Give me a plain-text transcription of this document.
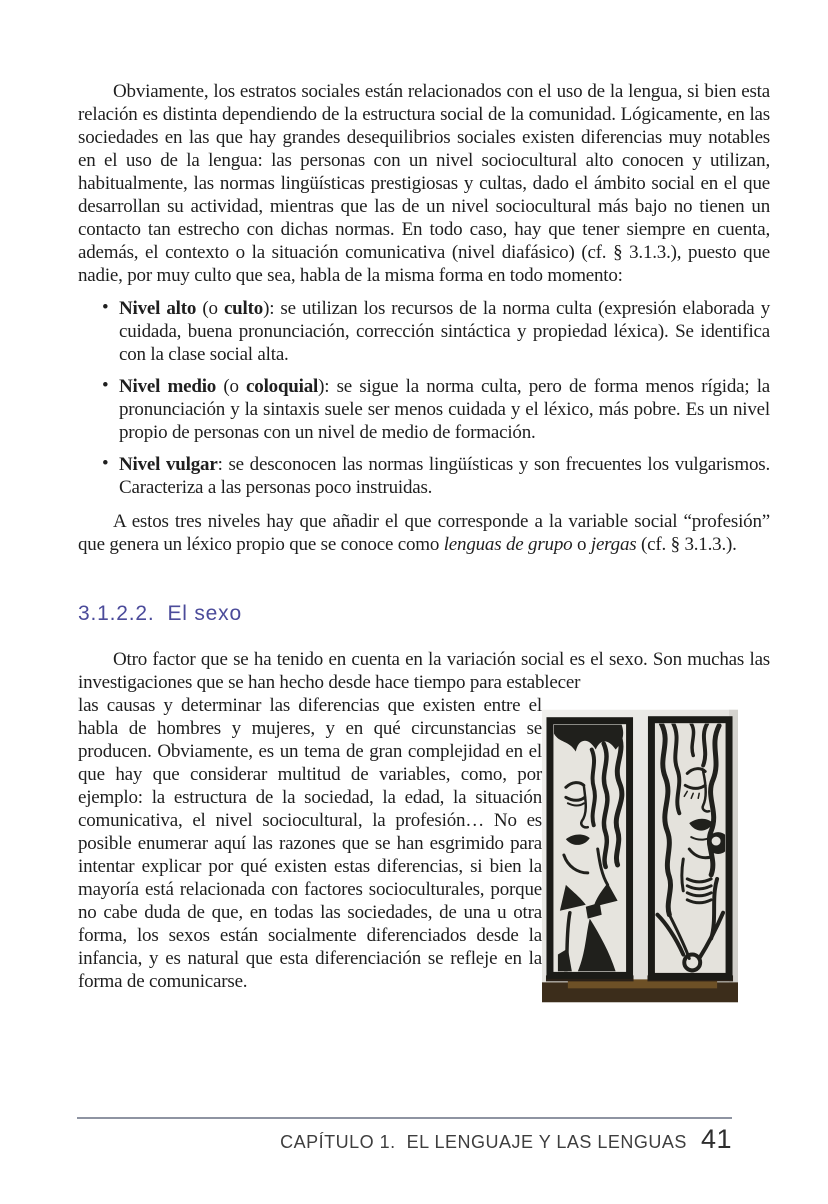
Obviamente, los estratos sociales están relacionados con el uso de la lengua, si bien esta relación es distinta dependiendo de la estructura social de la comunidad. Lógicamente, en las sociedades en las que hay grandes desequilibrios sociales existen diferencias muy notables en el uso de la lengua: las personas con un nivel sociocultural alto conocen y utilizan, habitualmente, las normas lingüísticas prestigiosas y cultas, dado el ámbito social en el que desarrollan su actividad, mientras que las de un nivel sociocultural más bajo no tienen un contacto tan estrecho con dichas normas. En todo caso, hay que tener siempre en cuenta, además, el contexto o la situación comunicativa (nivel diafásico) (cf. § 3.1.3.), puesto que nadie, por muy culto que sea, habla de la misma forma en todo momento:

• Nivel alto (o culto): se utilizan los recursos de la norma culta (expresión elaborada y cuidada, buena pronunciación, corrección sintáctica y propiedad léxica). Se identifica con la clase social alta.
• Nivel medio (o coloquial): se sigue la norma culta, pero de forma menos rígida; la pronunciación y la sintaxis suele ser menos cuidada y el léxico, más pobre. Es un nivel propio de personas con un nivel de medio de formación.
• Nivel vulgar: se desconocen las normas lingüísticas y son frecuentes los vulgarismos. Caracteriza a las personas poco instruidas.

A estos tres niveles hay que añadir el que corresponde a la variable social “profesión” que genera un léxico propio que se conoce como lenguas de grupo o jergas (cf. § 3.1.3.).

3.1.2.2. El sexo

Otro factor que se ha tenido en cuenta en la variación social es el sexo. Son muchas las investigaciones que se han hecho desde hace tiempo para establecer

las causas y determinar las diferencias que existen entre el habla de hombres y mujeres, y en qué circunstancias se producen. Obviamente, es un tema de gran complejidad en el que hay que considerar multitud de variables, como, por ejemplo: la estructura de la sociedad, la edad, la situación comunicativa, el nivel sociocultural, la profesión… No es posible enumerar aquí las razones que se han esgrimido para intentar explicar por qué existen estas diferencias, si bien la mayoría está relacionada con factores socioculturales, porque no cabe duda de que, en todas las sociedades, de una u otra forma, los sexos están socialmente diferenciados desde la infancia, y es natural que esta diferenciación se refleje en la forma de comunicarse.

CAPÍTULO 1.  EL LENGUAJE Y LAS LENGUAS 41
